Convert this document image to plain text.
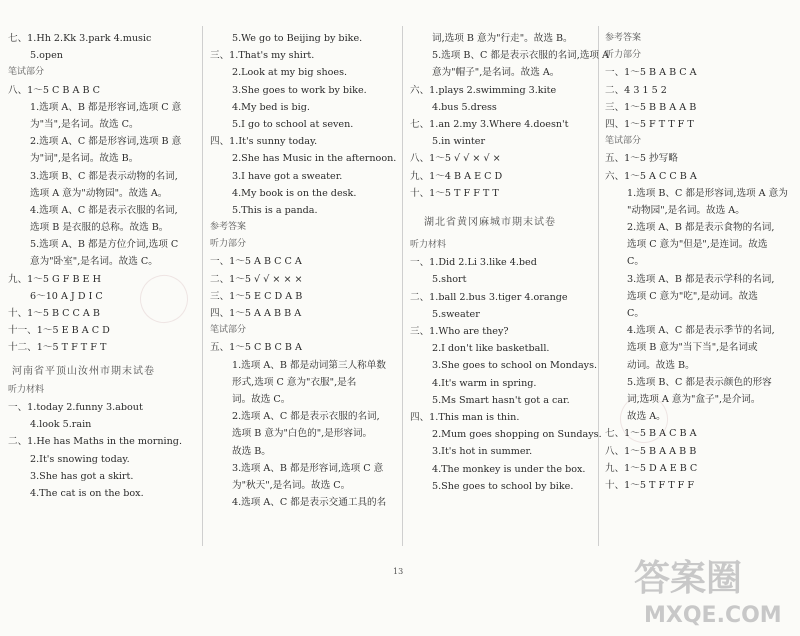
七、1.Hh 2.Kk 3.park 4.music
5.open
笔试部分
八、1～5 C B A B C
1.选项 A、B 都是形容词,选项 C 意
为"当",是名词。故选 C。
2.选项 A、C 都是形容词,选项 B 意
为"词",是名词。故选 B。
3.选项 B、C 都是表示动物的名词,
选项 A 意为"动物园"。故选 A。
4.选项 A、C 都是表示衣服的名词,
选项 B 是衣服的总称。故选 B。
5.选项 A、B 都是方位介词,选项 C
意为"卧室",是名词。故选 C。
九、1～5 G F B E H
6～10 A J D I C
十、1～5 B C C A B
十一、1～5 E B A C D
十二、1～5 T F T F T
河南省平顶山汝州市期末试卷
听力材料
一、1.today 2.funny 3.about
4.look 5.rain
二、1.He has Maths in the morning.
2.It's snowing today.
3.She has got a skirt.
4.The cat is on the box.
5.We go to Beijing by bike.
三、1.That's my shirt.
2.Look at my big shoes.
3.She goes to work by bike.
4.My bed is big.
5.I go to school at seven.
四、1.It's sunny today.
2.She has Music in the afternoon.
3.I have got a sweater.
4.My book is on the desk.
5.This is a panda.
参考答案
听力部分
一、1～5 A B C C A
二、1～5 √ √ × × ×
三、1～5 E C D A B
四、1～5 A A B B A
笔试部分
五、1～5 C B C B A
1.选项 A、B 都是动词第三人称单数
形式,选项 C 意为"衣服",是名
词。故选 C。
2.选项 A、C 都是表示衣服的名词,
选项 B 意为"白色的",是形容词。
故选 B。
3.选项 A、B 都是形容词,选项 C 意
为"秋天",是名词。故选 C。
4.选项 A、C 都是表示交通工具的名
词,选项 B 意为"行走"。故选 B。
5.选项 B、C 都是表示衣服的名词,选项 A
意为"帽子",是名词。故选 A。
六、1.plays 2.swimming 3.kite
4.bus 5.dress
七、1.an 2.my 3.Where 4.doesn't
5.in winter
八、1～5 √ √ × √ ×
九、1～4 B A E C D
十、1～5 T F F T T
湖北省黄冈麻城市期末试卷
听力材料
一、1.Did 2.Li 3.like 4.bed
5.short
二、1.ball 2.bus 3.tiger 4.orange
5.sweater
三、1.Who are they?
2.I don't like basketball.
3.She goes to school on Mondays.
4.It's warm in spring.
5.Ms Smart hasn't got a car.
四、1.This man is thin.
2.Mum goes shopping on Sundays.
3.It's hot in summer.
4.The monkey is under the box.
5.She goes to school by bike.
参考答案
听力部分
一、1～5 B A B C A
二、4 3 1 5 2
三、1～5 B B A A B
四、1～5 F T T F T
笔试部分
五、1～5 抄写略
六、1～5 A C C B A
1.选项 B、C 都是形容词,选项 A 意为
"动物园",是名词。故选 A。
2.选项 A、B 都是表示食物的名词,
选项 C 意为"但是",是连词。故选
C。
3.选项 A、B 都是表示学科的名词,
选项 C 意为"吃",是动词。故选
C。
4.选项 A、C 都是表示季节的名词,
选项 B 意为"当下当",是名词或
动词。故选 B。
5.选项 B、C 都是表示颜色的形容
词,选项 A 意为"盒子",是介词。
故选 A。
七、1～5 B A C B A
八、1～5 B A A B B
九、1～5 D A E B C
十、1～5 T F T F F
13	答案圈
MXQE.COM
